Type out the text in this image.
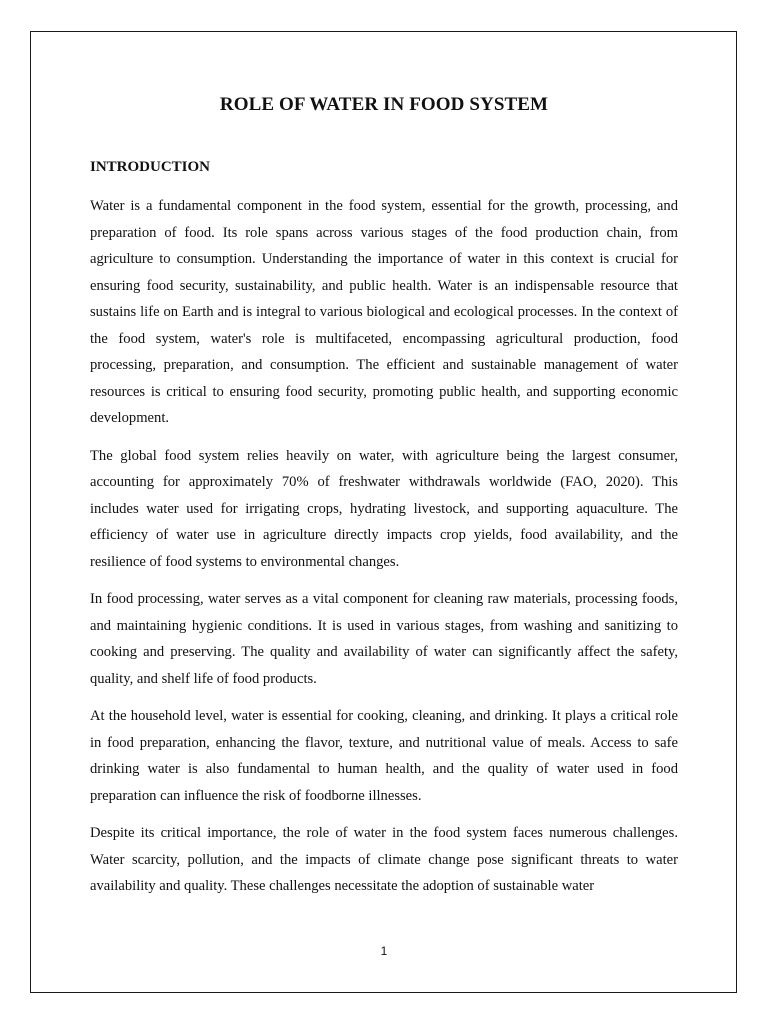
ROLE OF WATER IN FOOD SYSTEM
INTRODUCTION

Water is a fundamental component in the food system, essential for the growth, processing, and preparation of food. Its role spans across various stages of the food production chain, from agriculture to consumption. Understanding the importance of water in this context is crucial for ensuring food security, sustainability, and public health. Water is an indispensable resource that sustains life on Earth and is integral to various biological and ecological processes. In the context of the food system, water's role is multifaceted, encompassing agricultural production, food processing, preparation, and consumption. The efficient and sustainable management of water resources is critical to ensuring food security, promoting public health, and supporting economic development.

The global food system relies heavily on water, with agriculture being the largest consumer, accounting for approximately 70% of freshwater withdrawals worldwide (FAO, 2020). This includes water used for irrigating crops, hydrating livestock, and supporting aquaculture. The efficiency of water use in agriculture directly impacts crop yields, food availability, and the resilience of food systems to environmental changes.

In food processing, water serves as a vital component for cleaning raw materials, processing foods, and maintaining hygienic conditions. It is used in various stages, from washing and sanitizing to cooking and preserving. The quality and availability of water can significantly affect the safety, quality, and shelf life of food products.

At the household level, water is essential for cooking, cleaning, and drinking. It plays a critical role in food preparation, enhancing the flavor, texture, and nutritional value of meals. Access to safe drinking water is also fundamental to human health, and the quality of water used in food preparation can influence the risk of foodborne illnesses.

Despite its critical importance, the role of water in the food system faces numerous challenges. Water scarcity, pollution, and the impacts of climate change pose significant threats to water availability and quality. These challenges necessitate the adoption of sustainable water

1
